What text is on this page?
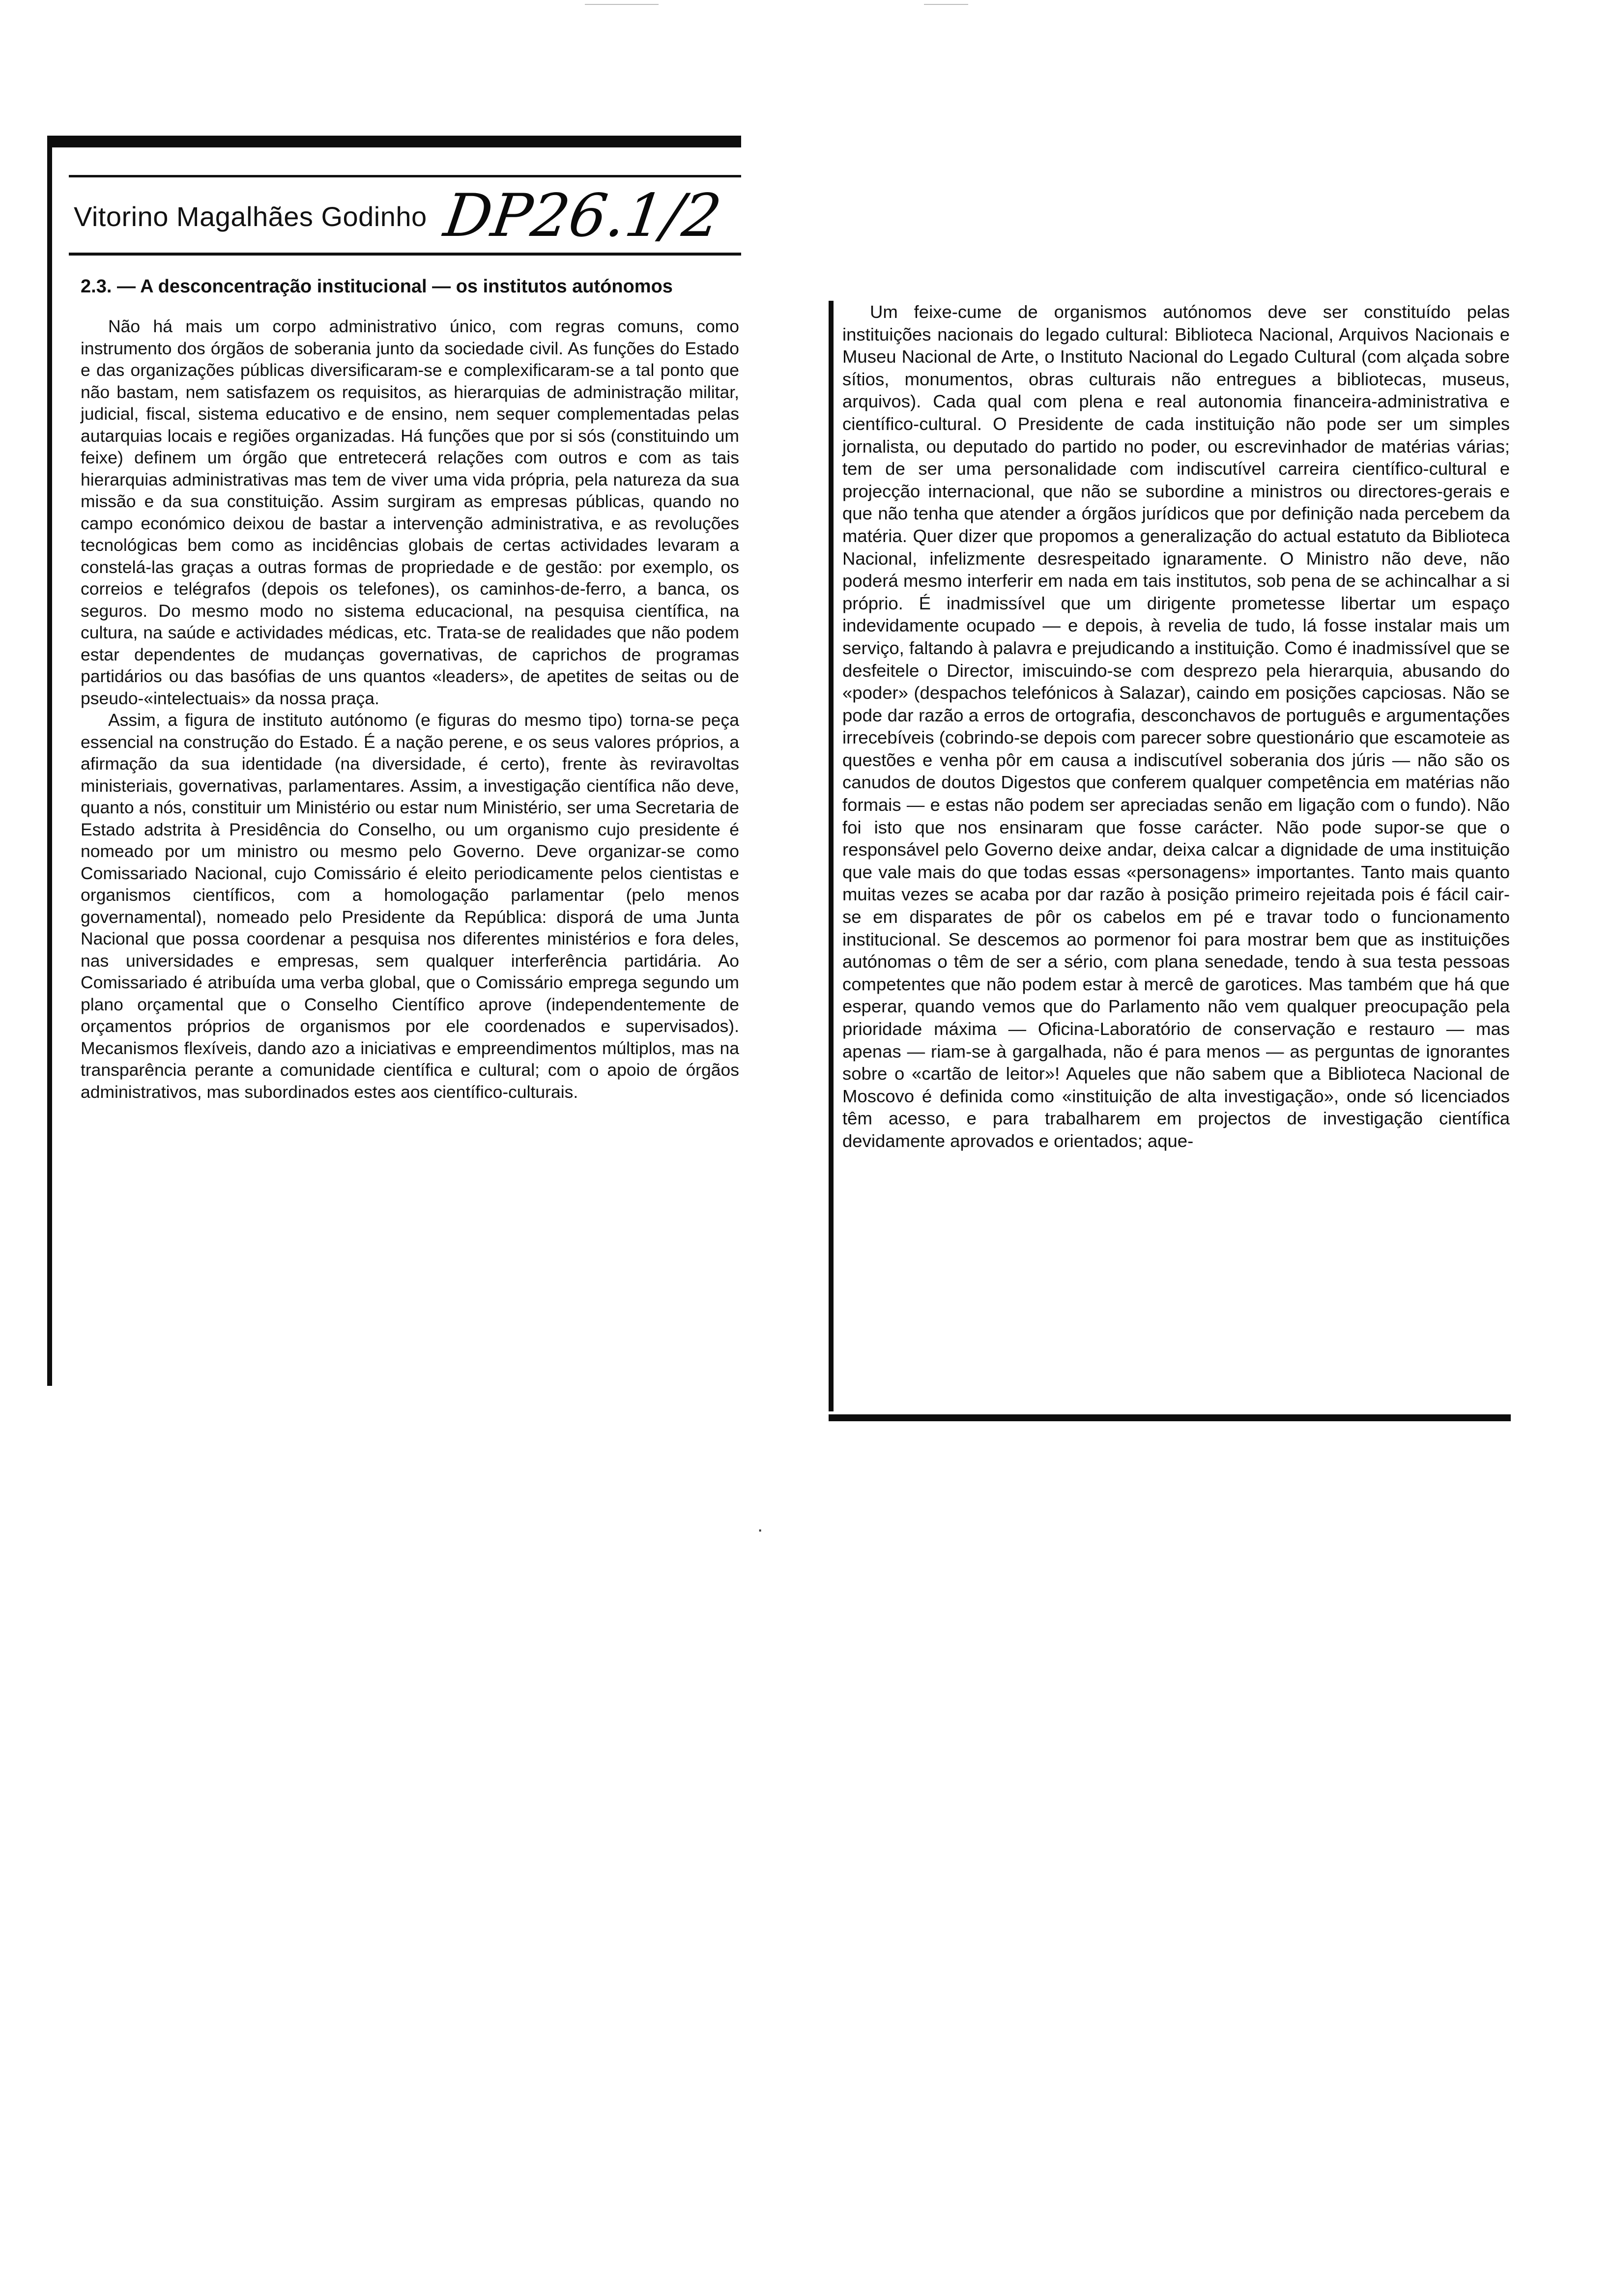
Vitorino Magalhães Godinho DP26.1/2

2.3. — A desconcentração institucional — os institutos autónomos

Não há mais um corpo administrativo único, com regras comuns, como instrumento dos órgãos de soberania junto da sociedade civil. As funções do Estado e das organizações públicas diversificaram-se e complexificaram-se a tal ponto que não bastam, nem satisfazem os requisitos, as hierarquias de administração militar, judicial, fiscal, sistema educativo e de ensino, nem sequer complementadas pelas autarquias locais e regiões organizadas. Há funções que por si sós (constituindo um feixe) definem um órgão que entretecerá relações com outros e com as tais hierarquias administrativas mas tem de viver uma vida própria, pela natureza da sua missão e da sua constituição. Assim surgiram as empresas públicas, quando no campo económico deixou de bastar a intervenção administrativa, e as revoluções tecnológicas bem como as incidências globais de certas actividades levaram a constelá-las graças a outras formas de propriedade e de gestão: por exemplo, os correios e telégrafos (depois os telefones), os caminhos-de-ferro, a banca, os seguros. Do mesmo modo no sistema educacional, na pesquisa científica, na cultura, na saúde e actividades médicas, etc. Trata-se de realidades que não podem estar dependentes de mudanças governativas, de caprichos de programas partidários ou das basófias de uns quantos «leaders», de apetites de seitas ou de pseudo-«intelectuais» da nossa praça.

Assim, a figura de instituto autónomo (e figuras do mesmo tipo) torna-se peça essencial na construção do Estado. É a nação perene, e os seus valores próprios, a afirmação da sua identidade (na diversidade, é certo), frente às reviravoltas ministeriais, governativas, parlamentares. Assim, a investigação científica não deve, quanto a nós, constituir um Ministério ou estar num Ministério, ser uma Secretaria de Estado adstrita à Presidência do Conselho, ou um organismo cujo presidente é nomeado por um ministro ou mesmo pelo Governo. Deve organizar-se como Comissariado Nacional, cujo Comissário é eleito periodicamente pelos cientistas e organismos científicos, com a homologação parlamentar (pelo menos governamental), nomeado pelo Presidente da República: disporá de uma Junta Nacional que possa coordenar a pesquisa nos diferentes ministérios e fora deles, nas universidades e empresas, sem qualquer interferência partidária. Ao Comissariado é atribuída uma verba global, que o Comissário emprega segundo um plano orçamental que o Conselho Científico aprove (independentemente de orçamentos próprios de organismos por ele coordenados e supervisados). Mecanismos flexíveis, dando azo a iniciativas e empreendimentos múltiplos, mas na transparência perante a comunidade científica e cultural; com o apoio de órgãos administrativos, mas subordinados estes aos científico-culturais.

Um feixe-cume de organismos autónomos deve ser constituído pelas instituições nacionais do legado cultural: Biblioteca Nacional, Arquivos Nacionais e Museu Nacional de Arte, o Instituto Nacional do Legado Cultural (com alçada sobre sítios, monumentos, obras culturais não entregues a bibliotecas, museus, arquivos). Cada qual com plena e real autonomia financeira-administrativa e científico-cultural. O Presidente de cada instituição não pode ser um simples jornalista, ou deputado do partido no poder, ou escrevinhador de matérias várias; tem de ser uma personalidade com indiscutível carreira científico-cultural e projecção internacional, que não se subordine a ministros ou directores-gerais e que não tenha que atender a órgãos jurídicos que por definição nada percebem da matéria. Quer dizer que propomos a generalização do actual estatuto da Biblioteca Nacional, infelizmente desrespeitado ignaramente. O Ministro não deve, não poderá mesmo interferir em nada em tais institutos, sob pena de se achincalhar a si próprio. É inadmissível que um dirigente prometesse libertar um espaço indevidamente ocupado — e depois, à revelia de tudo, lá fosse instalar mais um serviço, faltando à palavra e prejudicando a instituição. Como é inadmissível que se desfeitele o Director, imiscuindo-se com desprezo pela hierarquia, abusando do «poder» (despachos telefónicos à Salazar), caindo em posições capciosas. Não se pode dar razão a erros de ortografia, desconchavos de português e argumentações irrecebíveis (cobrindo-se depois com parecer sobre questionário que escamoteie as questões e venha pôr em causa a indiscutível soberania dos júris — não são os canudos de doutos Digestos que conferem qualquer competência em matérias não formais — e estas não podem ser apreciadas senão em ligação com o fundo). Não foi isto que nos ensinaram que fosse carácter. Não pode supor-se que o responsável pelo Governo deixe andar, deixa calcar a dignidade de uma instituição que vale mais do que todas essas «personagens» importantes. Tanto mais quanto muitas vezes se acaba por dar razão à posição primeiro rejeitada pois é fácil cair-se em disparates de pôr os cabelos em pé e travar todo o funcionamento institucional. Se descemos ao pormenor foi para mostrar bem que as instituições autónomas o têm de ser a sério, com plana senedade, tendo à sua testa pessoas competentes que não podem estar à mercê de garotices. Mas também que há que esperar, quando vemos que do Parlamento não vem qualquer preocupação pela prioridade máxima — Oficina-Laboratório de conservação e restauro — mas apenas — riam-se à gargalhada, não é para menos — as perguntas de ignorantes sobre o «cartão de leitor»! Aqueles que não sabem que a Biblioteca Nacional de Moscovo é definida como «instituição de alta investigação», onde só licenciados têm acesso, e para trabalharem em projectos de investigação científica devidamente aprovados e orientados; aque-

·
